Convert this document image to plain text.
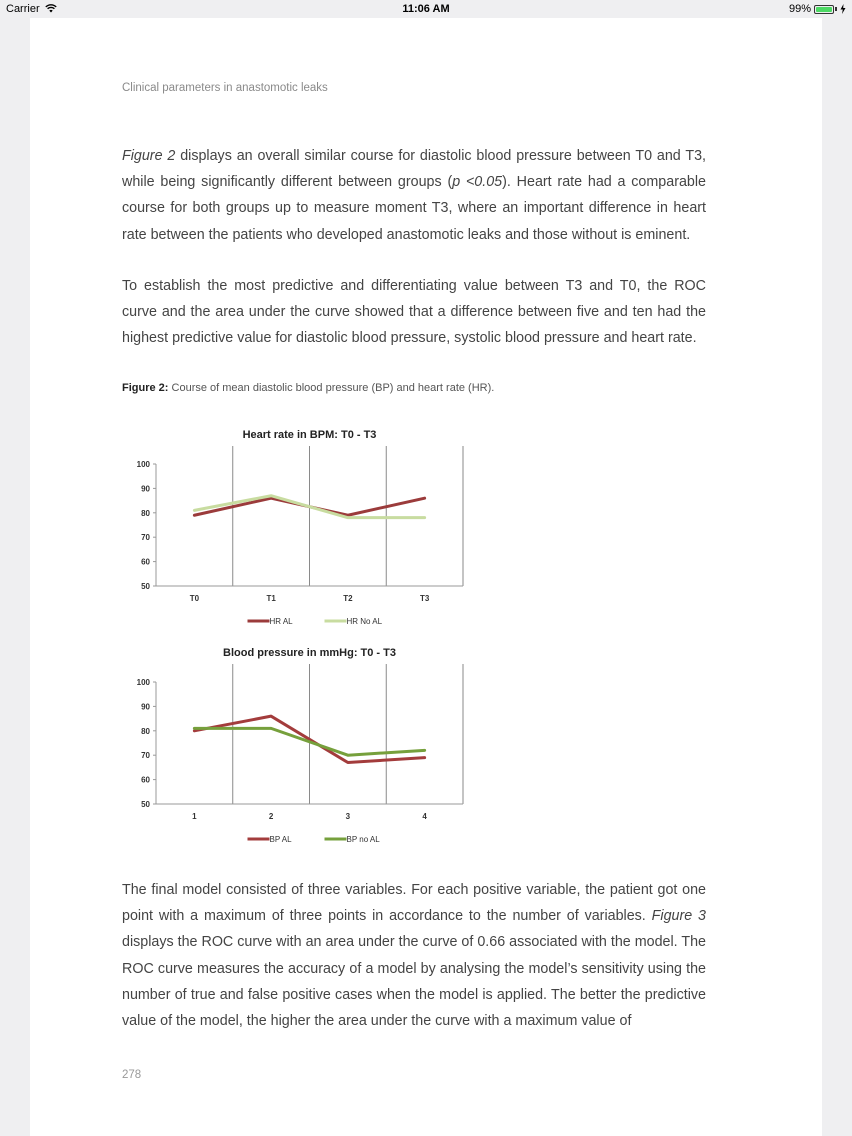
Carrier	11:06 AM	99%
Clinical parameters in anastomotic leaks

Figure 2 displays an overall similar course for diastolic blood pressure between T0 and T3, while being significantly different between groups (p <0.05). Heart rate had a comparable course for both groups up to measure moment T3, where an important difference in heart rate between the patients who developed anastomotic leaks and those without is eminent.

To establish the most predictive and differentiating value between T3 and T0, the ROC curve and the area under the curve showed that a difference between five and ten had the highest predictive value for diastolic blood pressure, systolic blood pressure and heart rate.

Figure 2: Course of mean diastolic blood pressure (BP) and heart rate (HR).
Heart rate in BPM: T0 - T3
100
90
80
70
60
50
T0	T1	T2	T3
HR AL	HR No AL
Blood pressure in mmHg: T0 - T3
100
90
80
70
60
50
1	2	3	4
BP AL	BP no AL

The final model consisted of three variables. For each positive variable, the patient got one point with a maximum of three points in accordance to the number of variables. Figure 3 displays the ROC curve with an area under the curve of 0.66 associated with the model. The ROC curve measures the accuracy of a model by analysing the model’s sensitivity using the number of true and false positive cases when the model is applied. The better the predictive value of the model, the higher the area under the curve with a maximum value of

278
